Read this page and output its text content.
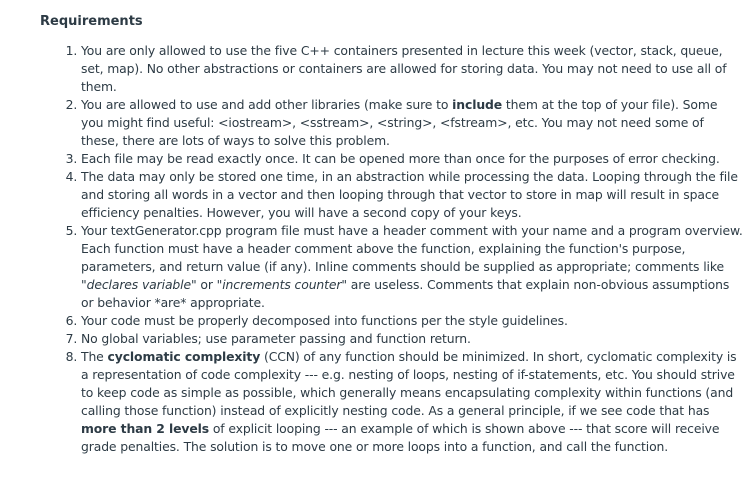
Requirements
1. You are only allowed to use the five C++ containers presented in lecture this week (vector, stack, queue, set, map). No other abstractions or containers are allowed for storing data. You may not need to use all of them.
2. You are allowed to use and add other libraries (make sure to include them at the top of your file). Some you might find useful: <iostream>, <sstream>, <string>, <fstream>, etc. You may not need some of these, there are lots of ways to solve this problem.
3. Each file may be read exactly once. It can be opened more than once for the purposes of error checking.
4. The data may only be stored one time, in an abstraction while processing the data. Looping through the file and storing all words in a vector and then looping through that vector to store in map will result in space efficiency penalties. However, you will have a second copy of your keys.
5. Your textGenerator.cpp program file must have a header comment with your name and a program overview. Each function must have a header comment above the function, explaining the function's purpose, parameters, and return value (if any). Inline comments should be supplied as appropriate; comments like "declares variable" or "increments counter" are useless. Comments that explain non-obvious assumptions or behavior *are* appropriate.
6. Your code must be properly decomposed into functions per the style guidelines.
7. No global variables; use parameter passing and function return.
8. The cyclomatic complexity (CCN) of any function should be minimized. In short, cyclomatic complexity is a representation of code complexity --- e.g. nesting of loops, nesting of if-statements, etc. You should strive to keep code as simple as possible, which generally means encapsulating complexity within functions (and calling those function) instead of explicitly nesting code. As a general principle, if we see code that has more than 2 levels of explicit looping --- an example of which is shown above --- that score will receive grade penalties. The solution is to move one or more loops into a function, and call the function.
